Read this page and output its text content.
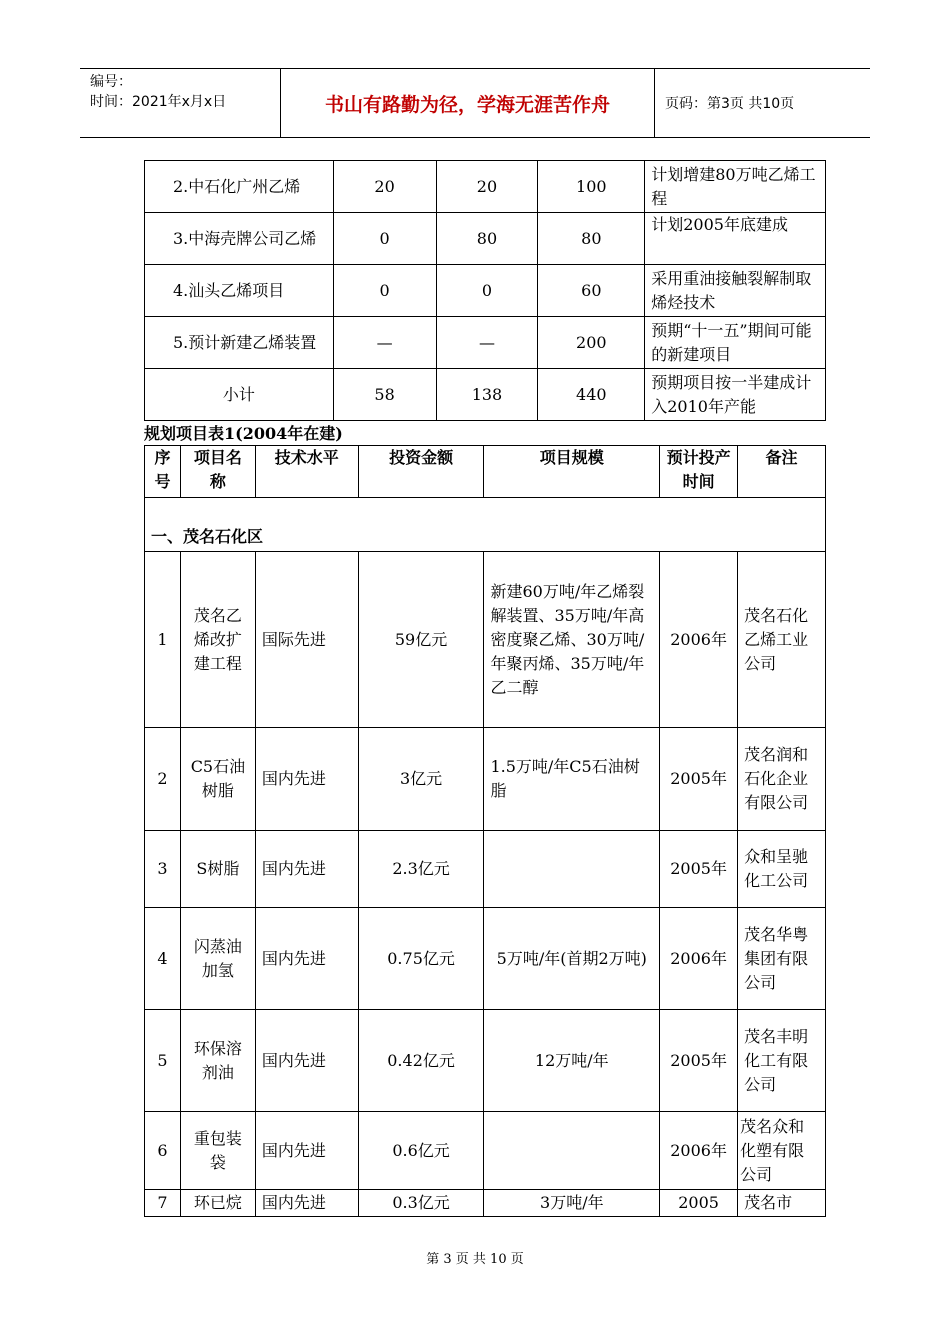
编号：
时间：2021年x月x日	书山有路勤为径，学海无涯苦作舟	页码：第3页 共10页
2.中石化广州乙烯	20	20	100	计划增建80万吨乙烯工程
3.中海壳牌公司乙烯	0	80	80	计划2005年底建成
4.汕头乙烯项目	0	0	60	采用重油接触裂解制取烯烃技术
5.预计新建乙烯装置	—	—	200	预期“十一五”期间可能的新建项目
小计	58	138	440	预期项目按一半建成计入2010年产能
规划项目表1(2004年在建)
序号	项目名称	技术水平	投资金额	项目规模	预计投产时间	备注
一、茂名石化区						
1	茂名乙烯改扩建工程	国际先进	59亿元	新建60万吨/年乙烯裂解装置、35万吨/年高密度聚乙烯、30万吨/年聚丙烯、35万吨/年乙二醇	2006年	茂名石化乙烯工业公司
2	C5石油树脂	国内先进	3亿元	1.5万吨/年C5石油树脂	2005年	茂名润和石化企业有限公司
3	S树脂	国内先进	2.3亿元		2005年	众和呈驰化工公司
4	闪蒸油加氢	国内先进	0.75亿元	5万吨/年(首期2万吨)	2006年	茂名华粤集团有限公司
5	环保溶剂油	国内先进	0.42亿元	12万吨/年	2005年	茂名丰明化工有限公司
6	重包装袋	国内先进	0.6亿元		2006年	茂名众和化塑有限公司
7	环已烷	国内先进	0.3亿元	3万吨/年	2005	茂名市
第 3 页 共 10 页
